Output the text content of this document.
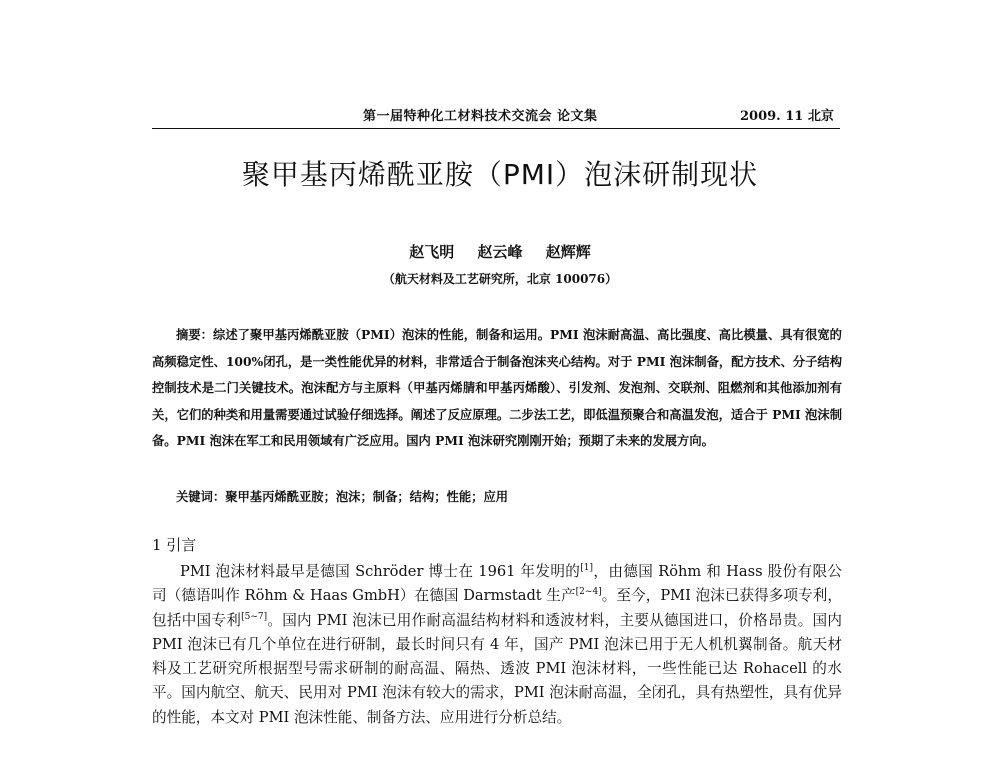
第一届特种化工材料技术交流会 论文集	2009. 11 北京
聚甲基丙烯酰亚胺（PMI）泡沫研制现状
赵飞明 赵云峰 赵辉辉
（航天材料及工艺研究所，北京 100076）
摘要：综述了聚甲基丙烯酰亚胺（PMI）泡沫的性能，制备和运用。PMI 泡沫耐高温、高比强度、高比模量、具有很宽的高频稳定性、100%闭孔，是一类性能优异的材料，非常适合于制备泡沫夹心结构。对于 PMI 泡沫制备，配方技术、分子结构控制技术是二门关键技术。泡沫配方与主原料（甲基丙烯腈和甲基丙烯酸）、引发剂、发泡剂、交联剂、阻燃剂和其他添加剂有关，它们的种类和用量需要通过试验仔细选择。阐述了反应原理。二步法工艺，即低温预聚合和高温发泡，适合于 PMI 泡沫制备。PMI 泡沫在军工和民用领域有广泛应用。国内 PMI 泡沫研究刚刚开始；预期了未来的发展方向。
关键词：聚甲基丙烯酰亚胺；泡沫；制备；结构；性能；应用
1 引言
PMI 泡沫材料最早是德国 Schröder 博士在 1961 年发明的[1]，由德国 Röhm 和 Hass 股份有限公司（德语叫作 Röhm & Haas GmbH）在德国 Darmstadt 生产[2~4]。至今，PMI 泡沫已获得多项专利，包括中国专利[5~7]。国内 PMI 泡沫已用作耐高温结构材料和透波材料，主要从德国进口，价格昂贵。国内 PMI 泡沫已有几个单位在进行研制，最长时间只有 4 年，国产 PMI 泡沫已用于无人机机翼制备。航天材料及工艺研究所根据型号需求研制的耐高温、隔热、透波 PMI 泡沫材料，一些性能已达 Rohacell 的水平。国内航空、航天、民用对 PMI 泡沫有较大的需求，PMI 泡沫耐高温，全闭孔，具有热塑性，具有优异的性能，本文对 PMI 泡沫性能、制备方法、应用进行分析总结。
